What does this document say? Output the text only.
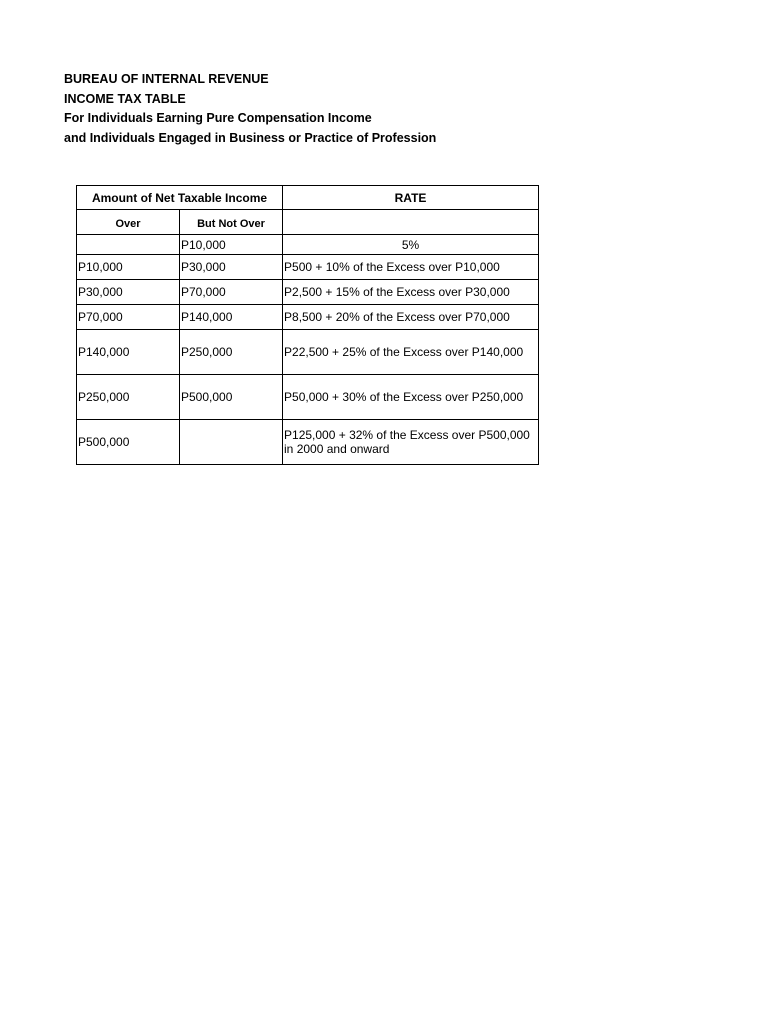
BUREAU OF INTERNAL REVENUE
INCOME TAX TABLE
For Individuals Earning Pure Compensation Income
and Individuals Engaged in Business or Practice of Profession
Amount of Net Taxable Income		RATE
Over	But Not Over	
	P10,000	5%
P10,000	P30,000	P500 + 10% of the Excess over P10,000
P30,000	P70,000	P2,500 + 15% of the Excess over P30,000
P70,000	P140,000	P8,500 + 20% of the Excess over P70,000
P140,000	P250,000	P22,500 + 25% of the Excess over P140,000
P250,000	P500,000	P50,000 + 30% of the Excess over P250,000
P500,000		P125,000 + 32% of the Excess over P500,000
in 2000 and onward
